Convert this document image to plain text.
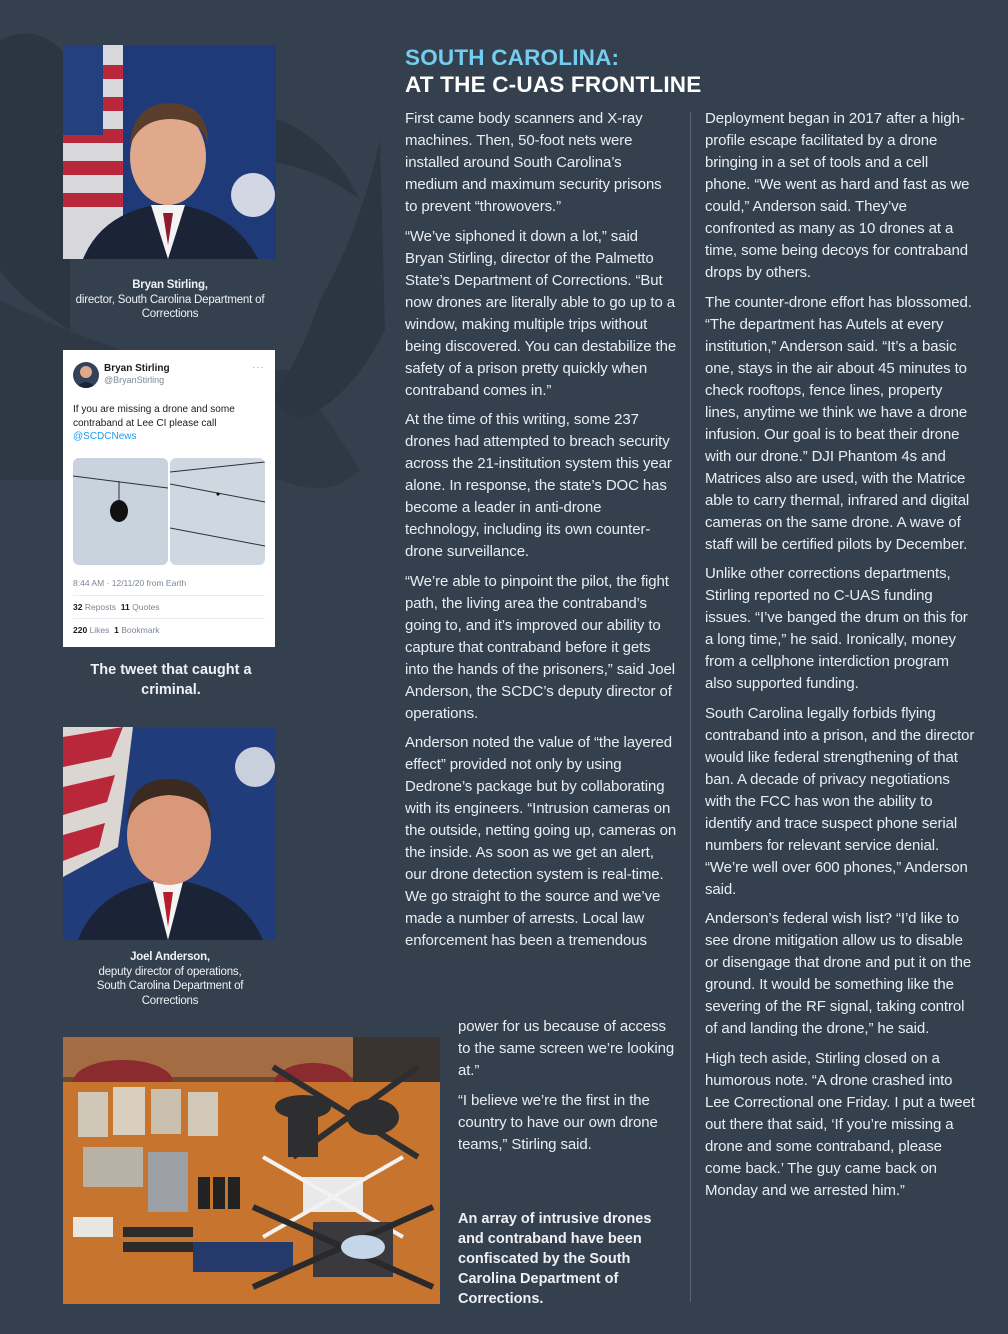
Bryan Stirling,
director, South Carolina Department of Corrections
Bryan Stirling
@BryanStirling
···
If you are missing a drone and some contraband at Lee CI please call
@SCDCNews
8:44 AM · 12/11/20 from Earth
32 Reposts 11 Quotes
220 Likes 1 Bookmark
The tweet that caught a criminal.
Joel Anderson,
deputy director of operations, South Carolina Department of Corrections
An array of intrusive drones and contraband have been confiscated by the South Carolina Department of Corrections.
SOUTH CAROLINA:
AT THE C-UAS FRONTLINE

First came body scanners and X-ray machines. Then, 50-foot nets were installed around South Carolina’s medium and maximum security prisons to prevent “throwovers.”

“We’ve siphoned it down a lot,” said Bryan Stirling, director of the Palmetto State’s Department of Corrections. “But now drones are literally able to go up to a window, making multiple trips without being discovered. You can destabilize the safety of a prison pretty quickly when contraband comes in.”

At the time of this writing, some 237 drones had attempted to breach security across the 21-institution system this year alone. In response, the state’s DOC has become a leader in anti-drone technology, including its own counter-drone surveillance.

“We’re able to pinpoint the pilot, the fight path, the living area the contraband’s going to, and it’s improved our ability to capture that contraband before it gets into the hands of the prisoners,” said Joel Anderson, the SCDC’s deputy director of operations.

Anderson noted the value of “the layered effect” provided not only by using Dedrone’s package but by collaborating with its engineers. “Intrusion cameras on the outside, netting going up, cameras on the inside. As soon as we get an alert, our drone detection system is real-time. We go straight to the source and we’ve made a number of arrests. Local law enforcement has been a tremendous

power for us because of access to the same screen we’re looking at.”

“I believe we’re the first in the country to have our own drone teams,” Stirling said.

Deployment began in 2017 after a high-profile escape facilitated by a drone bringing in a set of tools and a cell phone. “We went as hard and fast as we could,” Anderson said. They’ve confronted as many as 10 drones at a time, some being decoys for contraband drops by others.

The counter-drone effort has blossomed. “The department has Autels at every institution,” Anderson said. “It’s a basic one, stays in the air about 45 minutes to check rooftops, fence lines, property lines, anytime we think we have a drone infusion. Our goal is to beat their drone with our drone.” DJI Phantom 4s and Matrices also are used, with the Matrice able to carry thermal, infrared and digital cameras on the same drone. A wave of staff will be certified pilots by December.

Unlike other corrections departments, Stirling reported no C-UAS funding issues. “I’ve banged the drum on this for a long time,” he said. Ironically, money from a cellphone interdiction program also supported funding.

South Carolina legally forbids flying contraband into a prison, and the director would like federal strengthening of that ban. A decade of privacy negotiations with the FCC has won the ability to identify and trace suspect phone serial numbers for relevant service denial. “We’re well over 600 phones,” Anderson said.

Anderson’s federal wish list? “I’d like to see drone mitigation allow us to disable or disengage that drone and put it on the ground. It would be something like the severing of the RF signal, taking control of and landing the drone,” he said.

High tech aside, Stirling closed on a humorous note. “A drone crashed into Lee Correctional one Friday. I put a tweet out there that said, ‘If you’re missing a drone and some contraband, please come back.’ The guy came back on Monday and we arrested him.”
